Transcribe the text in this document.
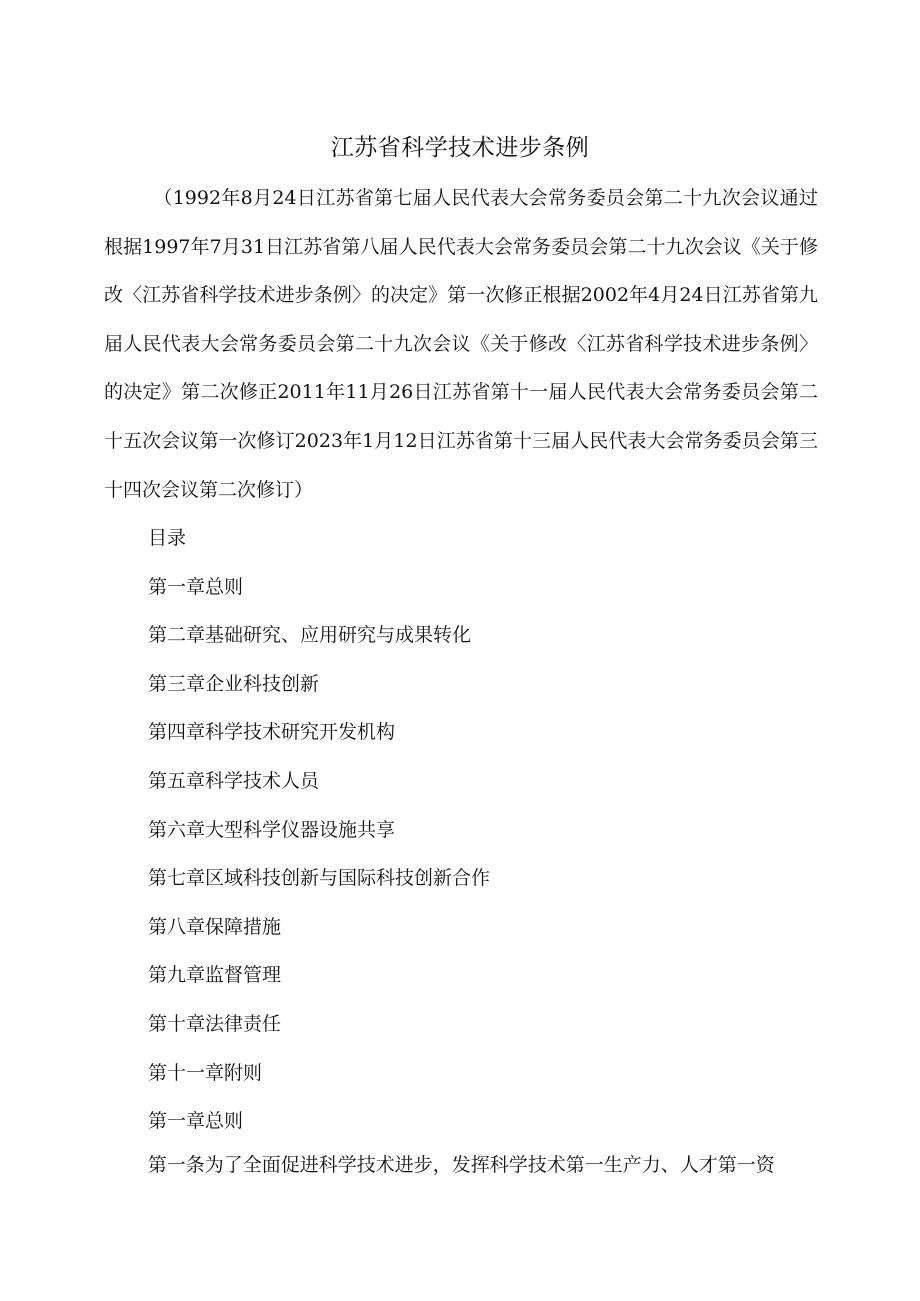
江苏省科学技术进步条例

（1992年8月24日江苏省第七届人民代表大会常务委员会第二十九次会议通过根据1997年7月31日江苏省第八届人民代表大会常务委员会第二十九次会议《关于修改〈江苏省科学技术进步条例〉的决定》第一次修正根据2002年4月24日江苏省第九届人民代表大会常务委员会第二十九次会议《关于修改〈江苏省科学技术进步条例〉的决定》第二次修正2011年11月26日江苏省第十一届人民代表大会常务委员会第二十五次会议第一次修订2023年1月12日江苏省第十三届人民代表大会常务委员会第三十四次会议第二次修订）

目录
第一章总则
第二章基础研究、应用研究与成果转化
第三章企业科技创新
第四章科学技术研究开发机构
第五章科学技术人员
第六章大型科学仪器设施共享
第七章区域科技创新与国际科技创新合作
第八章保障措施
第九章监督管理
第十章法律责任
第十一章附则
第一章总则

第一条为了全面促进科学技术进步，发挥科学技术第一生产力、人才第一资
